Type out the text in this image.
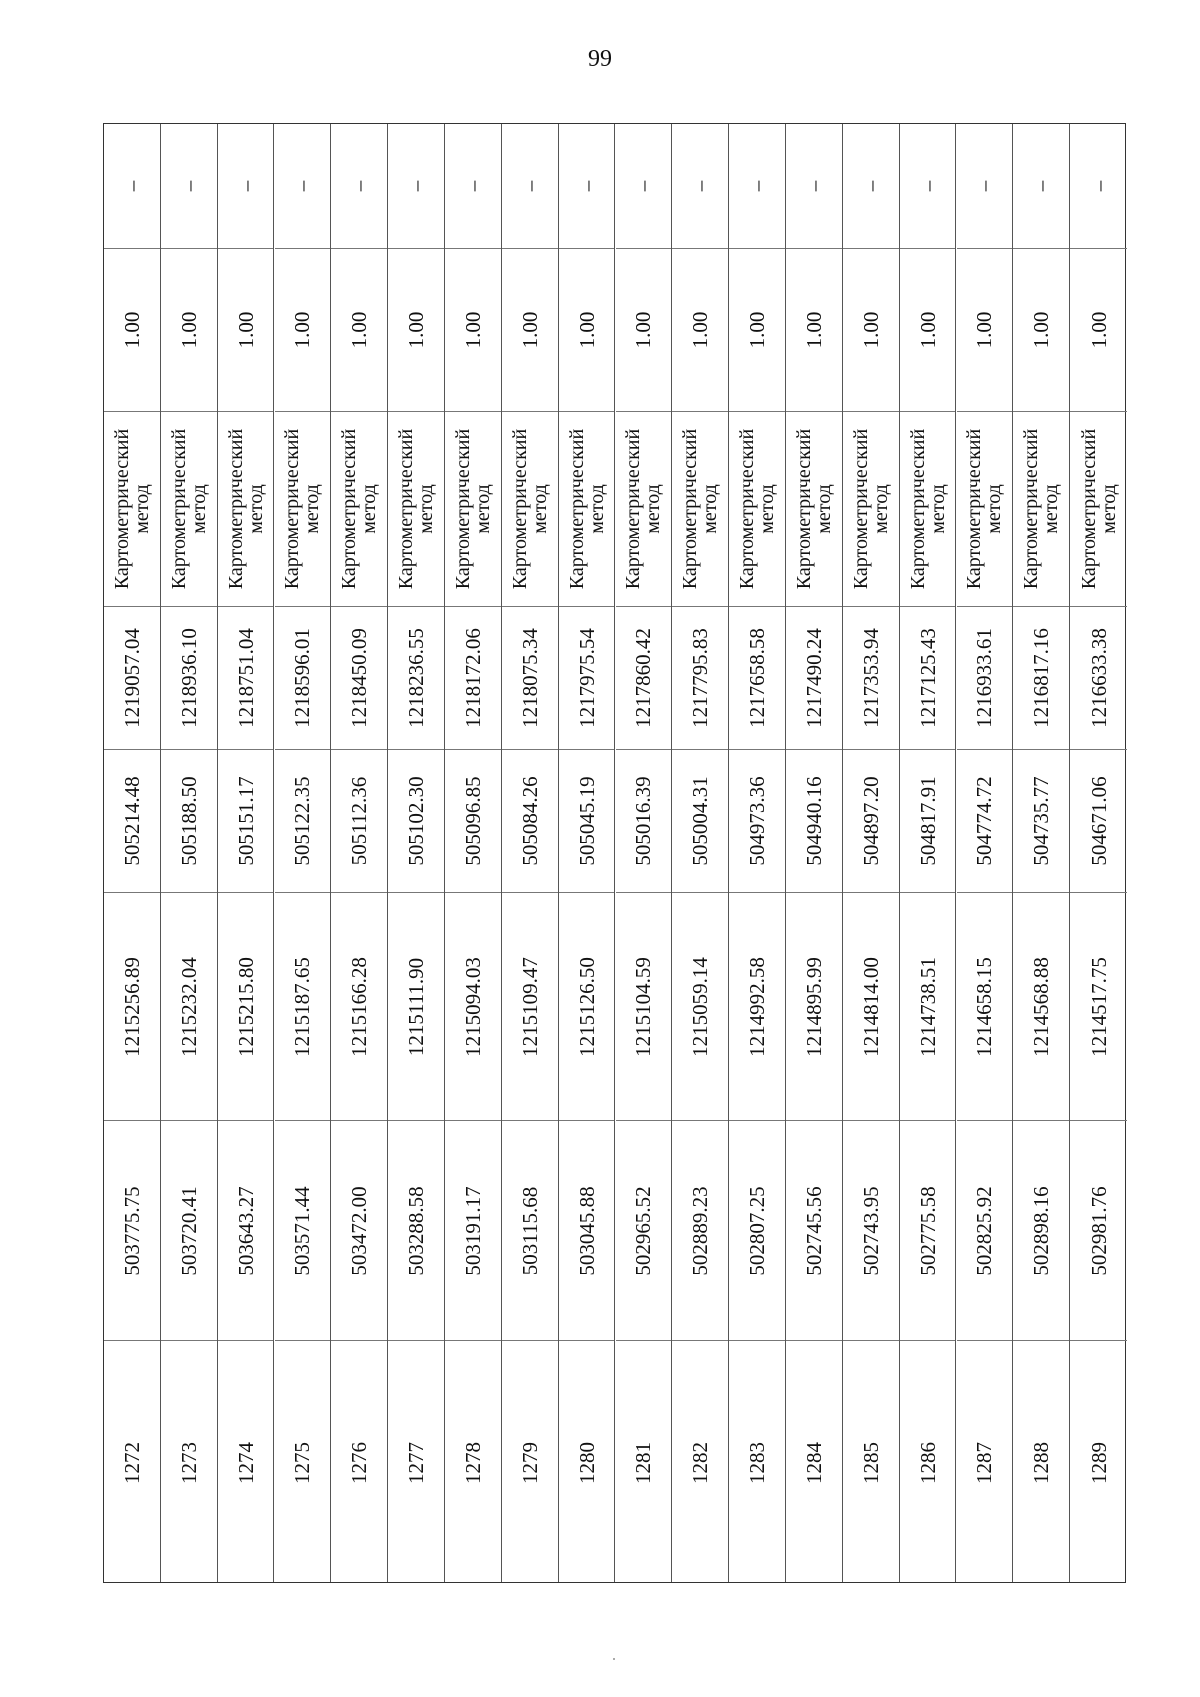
99
–
1.00
Картометрический
метод
1219057.04
505214.48
1215256.89
503775.75
1272
–
1.00
Картометрический
метод
1218936.10
505188.50
1215232.04
503720.41
1273
–
1.00
Картометрический
метод
1218751.04
505151.17
1215215.80
503643.27
1274
–
1.00
Картометрический
метод
1218596.01
505122.35
1215187.65
503571.44
1275
–
1.00
Картометрический
метод
1218450.09
505112.36
1215166.28
503472.00
1276
–
1.00
Картометрический
метод
1218236.55
505102.30
1215111.90
503288.58
1277
–
1.00
Картометрический
метод
1218172.06
505096.85
1215094.03
503191.17
1278
–
1.00
Картометрический
метод
1218075.34
505084.26
1215109.47
503115.68
1279
–
1.00
Картометрический
метод
1217975.54
505045.19
1215126.50
503045.88
1280
–
1.00
Картометрический
метод
1217860.42
505016.39
1215104.59
502965.52
1281
–
1.00
Картометрический
метод
1217795.83
505004.31
1215059.14
502889.23
1282
–
1.00
Картометрический
метод
1217658.58
504973.36
1214992.58
502807.25
1283
–
1.00
Картометрический
метод
1217490.24
504940.16
1214895.99
502745.56
1284
–
1.00
Картометрический
метод
1217353.94
504897.20
1214814.00
502743.95
1285
–
1.00
Картометрический
метод
1217125.43
504817.91
1214738.51
502775.58
1286
–
1.00
Картометрический
метод
1216933.61
504774.72
1214658.15
502825.92
1287
–
1.00
Картометрический
метод
1216817.16
504735.77
1214568.88
502898.16
1288
–
1.00
Картометрический
метод
1216633.38
504671.06
1214517.75
502981.76
1289
